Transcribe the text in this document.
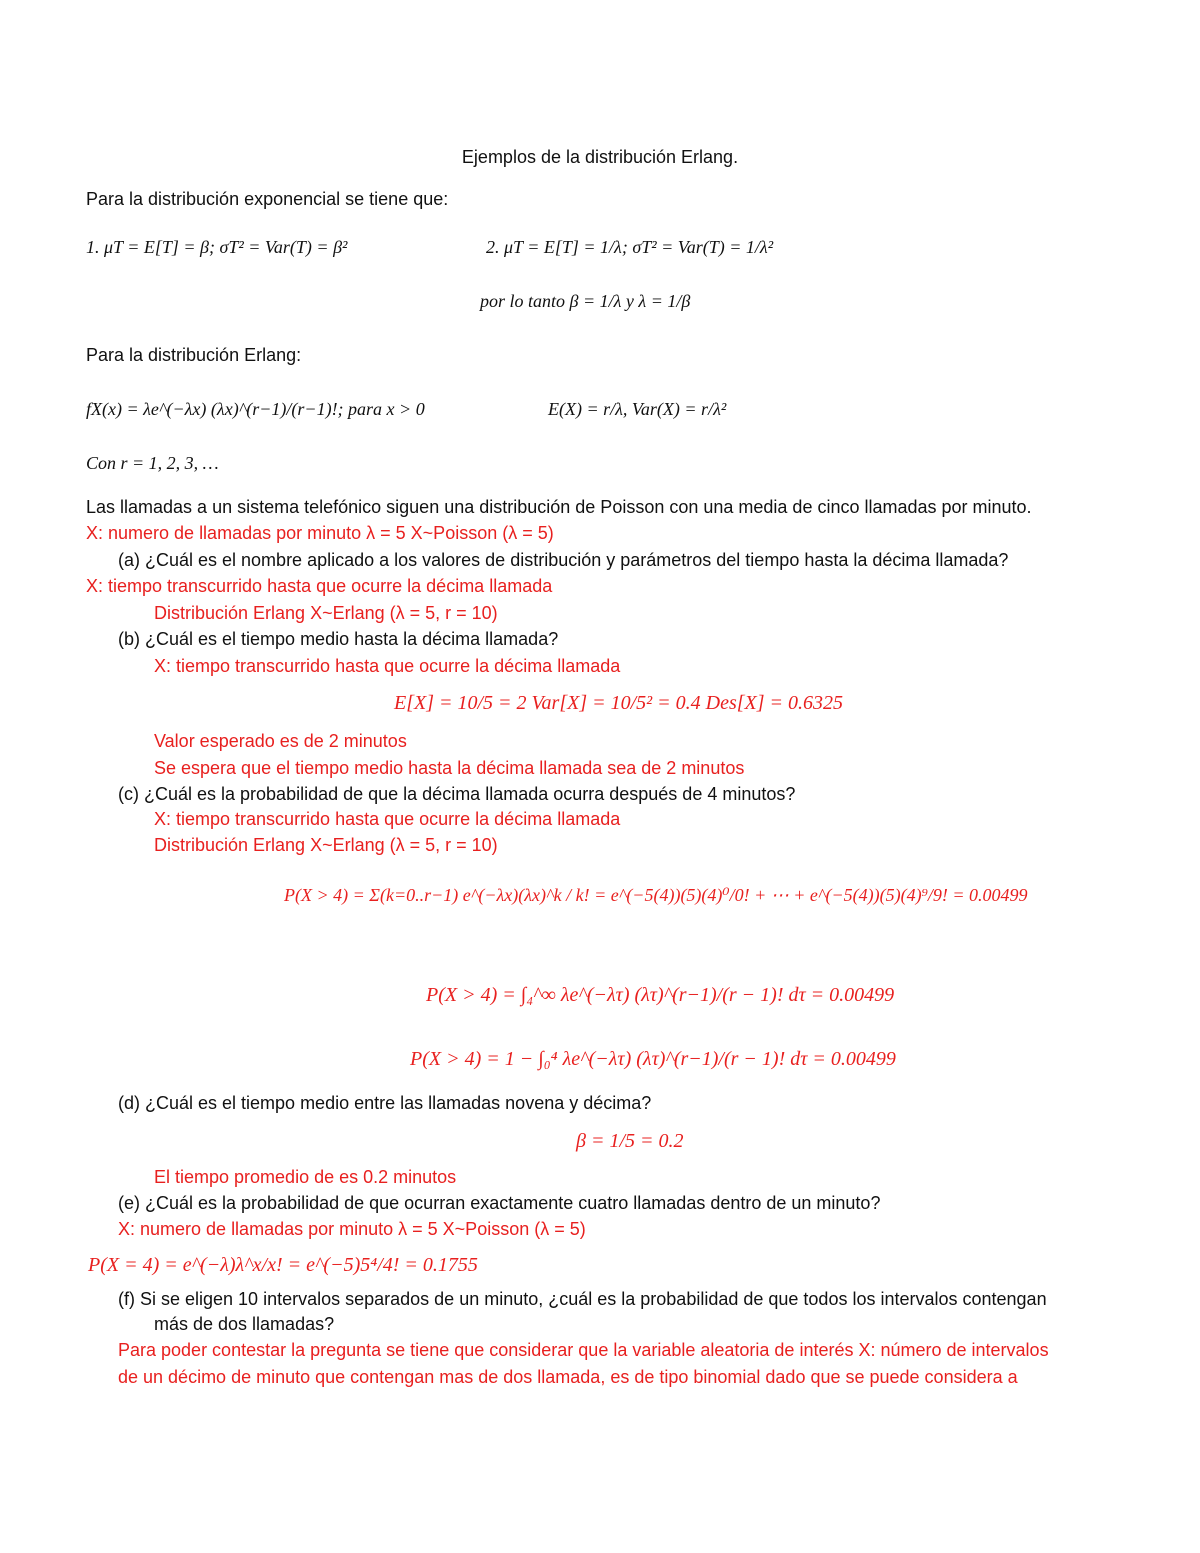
Ejemplos de la distribución Erlang.
Para la distribución exponencial se tiene que:
1. μT = E[T] = β; σT² = Var(T) = β²	2. μT = E[T] = 1/λ; σT² = Var(T) = 1/λ²
por lo tanto β = 1/λ y λ = 1/β
Para la distribución Erlang:
fX(x) = λe^(−λx) (λx)^(r−1)/(r−1)!; para x > 0	E(X) = r/λ, Var(X) = r/λ²
Con r = 1, 2, 3, …
Las llamadas a un sistema telefónico siguen una distribución de Poisson con una media de cinco llamadas por minuto.
X: numero de llamadas por minuto λ = 5 X~Poisson (λ = 5)
(a) ¿Cuál es el nombre aplicado a los valores de distribución y parámetros del tiempo hasta la décima llamada?
X: tiempo transcurrido hasta que ocurre la décima llamada
Distribución Erlang X~Erlang (λ = 5, r = 10)
(b) ¿Cuál es el tiempo medio hasta la décima llamada?
X: tiempo transcurrido hasta que ocurre la décima llamada
E[X] = 10/5 = 2 Var[X] = 10/5² = 0.4 Des[X] = 0.6325
Valor esperado es de 2 minutos
Se espera que el tiempo medio hasta la décima llamada sea de 2 minutos
(c) ¿Cuál es la probabilidad de que la décima llamada ocurra después de 4 minutos?
X: tiempo transcurrido hasta que ocurre la décima llamada
Distribución Erlang X~Erlang (λ = 5, r = 10)
P(X > 4) = Σ(k=0..r−1) e^(−λx)(λx)^k / k! = e^(−5(4))(5)(4)⁰/0! + ⋯ + e^(−5(4))(5)(4)⁹/9! = 0.00499
P(X > 4) = ∫₄^∞ λe^(−λτ) (λτ)^(r−1)/(r − 1)! dτ = 0.00499
P(X > 4) = 1 − ∫₀⁴ λe^(−λτ) (λτ)^(r−1)/(r − 1)! dτ = 0.00499
(d) ¿Cuál es el tiempo medio entre las llamadas novena y décima?
β = 1/5 = 0.2
El tiempo promedio de es 0.2 minutos
(e) ¿Cuál es la probabilidad de que ocurran exactamente cuatro llamadas dentro de un minuto?
X: numero de llamadas por minuto λ = 5 X~Poisson (λ = 5)
P(X = 4) = e^(−λ)λ^x/x! = e^(−5)5⁴/4! = 0.1755
(f) Si se eligen 10 intervalos separados de un minuto, ¿cuál es la probabilidad de que todos los intervalos contengan
más de dos llamadas?
Para poder contestar la pregunta se tiene que considerar que la variable aleatoria de interés X: número de intervalos
de un décimo de minuto que contengan mas de dos llamada, es de tipo binomial dado que se puede considera a
